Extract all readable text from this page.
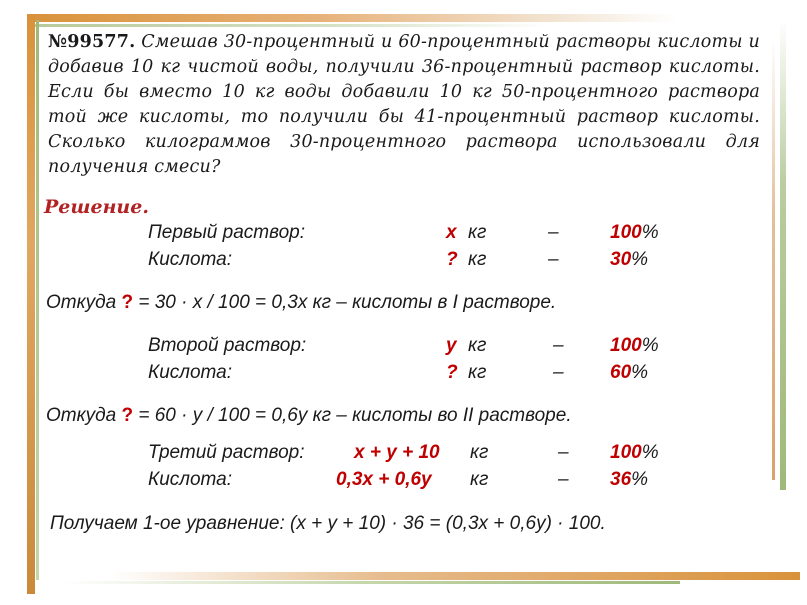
№99577. Смешав 30-процентный и 60-процентный растворы кислоты и добавив 10 кг чистой воды, получили 36-процентный раствор кислоты. Если бы вместо 10 кг воды добавили 10 кг 50-процентного раствора той же кислоты, то получили бы 41-процентный раствор кислоты. Сколько килограммов 30-процентного раствора использовали для получения смеси?

Решение.
Первый раствор:	х кг	–	100%
Кислота:	? кг	–	30%
Откуда ? = 30 · х / 100 = 0,3х кг – кислоты в I растворе.
Второй раствор:	у кг	– 100%
Кислота:	? кг	– 60%
Откуда ? = 60 · у / 100 = 0,6у кг – кислоты во II растворе.
Третий раствор:	х + у + 10 кг	– 100%
Кислота:	0,3х + 0,6у кг	– 36%
Получаем 1-ое уравнение: (х + у + 10) · 36 = (0,3х + 0,6у) · 100.
